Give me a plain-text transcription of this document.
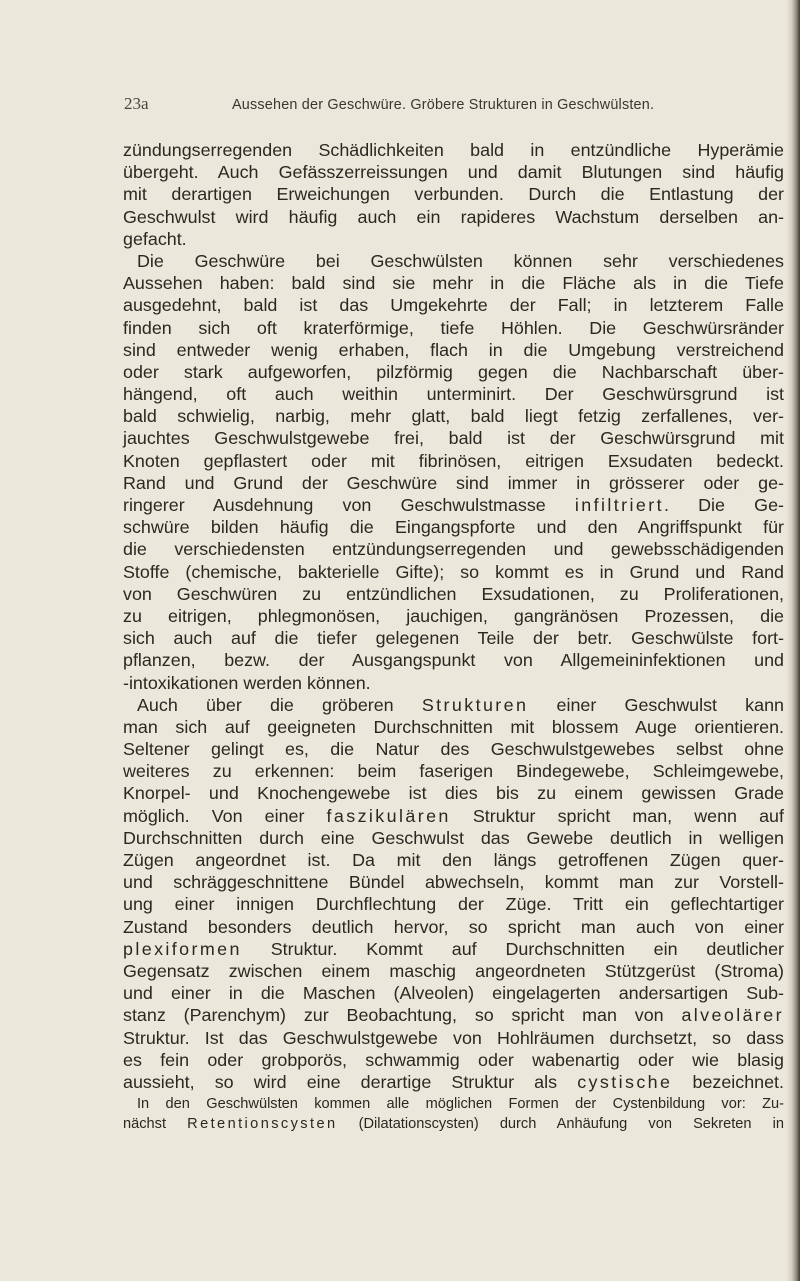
23a	Aussehen der Geschwüre. Gröbere Strukturen in Geschwülsten.
zündungserregenden Schädlichkeiten bald in entzündliche Hyperämie
übergeht. Auch Gefässzerreissungen und damit Blutungen sind häufig
mit derartigen Erweichungen verbunden. Durch die Entlastung der
Geschwulst wird häufig auch ein rapideres Wachstum derselben an-
gefacht.
Die Geschwüre bei Geschwülsten können sehr verschiedenes
Aussehen haben: bald sind sie mehr in die Fläche als in die Tiefe
ausgedehnt, bald ist das Umgekehrte der Fall; in letzterem Falle
finden sich oft kraterförmige, tiefe Höhlen. Die Geschwürsränder
sind entweder wenig erhaben, flach in die Umgebung verstreichend
oder stark aufgeworfen, pilzförmig gegen die Nachbarschaft über-
hängend, oft auch weithin unterminirt. Der Geschwürsgrund ist
bald schwielig, narbig, mehr glatt, bald liegt fetzig zerfallenes, ver-
jauchtes Geschwulstgewebe frei, bald ist der Geschwürsgrund mit
Knoten gepflastert oder mit fibrinösen, eitrigen Exsudaten bedeckt.
Rand und Grund der Geschwüre sind immer in grösserer oder ge-
ringerer Ausdehnung von Geschwulstmasse infiltriert. Die Ge-
schwüre bilden häufig die Eingangspforte und den Angriffspunkt für
die verschiedensten entzündungserregenden und gewebsschädigenden
Stoffe (chemische, bakterielle Gifte); so kommt es in Grund und Rand
von Geschwüren zu entzündlichen Exsudationen, zu Proliferationen,
zu eitrigen, phlegmonösen, jauchigen, gangränösen Prozessen, die
sich auch auf die tiefer gelegenen Teile der betr. Geschwülste fort-
pflanzen, bezw. der Ausgangspunkt von Allgemeininfektionen und
-intoxikationen werden können.
Auch über die gröberen Strukturen einer Geschwulst kann
man sich auf geeigneten Durchschnitten mit blossem Auge orientieren.
Seltener gelingt es, die Natur des Geschwulstgewebes selbst ohne
weiteres zu erkennen: beim faserigen Bindegewebe, Schleimgewebe,
Knorpel- und Knochengewebe ist dies bis zu einem gewissen Grade
möglich. Von einer faszikulären Struktur spricht man, wenn auf
Durchschnitten durch eine Geschwulst das Gewebe deutlich in welligen
Zügen angeordnet ist. Da mit den längs getroffenen Zügen quer-
und schräggeschnittene Bündel abwechseln, kommt man zur Vorstell-
ung einer innigen Durchflechtung der Züge. Tritt ein geflechtartiger
Zustand besonders deutlich hervor, so spricht man auch von einer
plexiformen Struktur. Kommt auf Durchschnitten ein deutlicher
Gegensatz zwischen einem maschig angeordneten Stützgerüst (Stroma)
und einer in die Maschen (Alveolen) eingelagerten andersartigen Sub-
stanz (Parenchym) zur Beobachtung, so spricht man von alveolärer
Struktur. Ist das Geschwulstgewebe von Hohlräumen durchsetzt, so dass
es fein oder grobporös, schwammig oder wabenartig oder wie blasig
aussieht, so wird eine derartige Struktur als cystische bezeichnet.
In den Geschwülsten kommen alle möglichen Formen der Cystenbildung vor: Zu-
nächst Retentionscysten (Dilatationscysten) durch Anhäufung von Sekreten in
